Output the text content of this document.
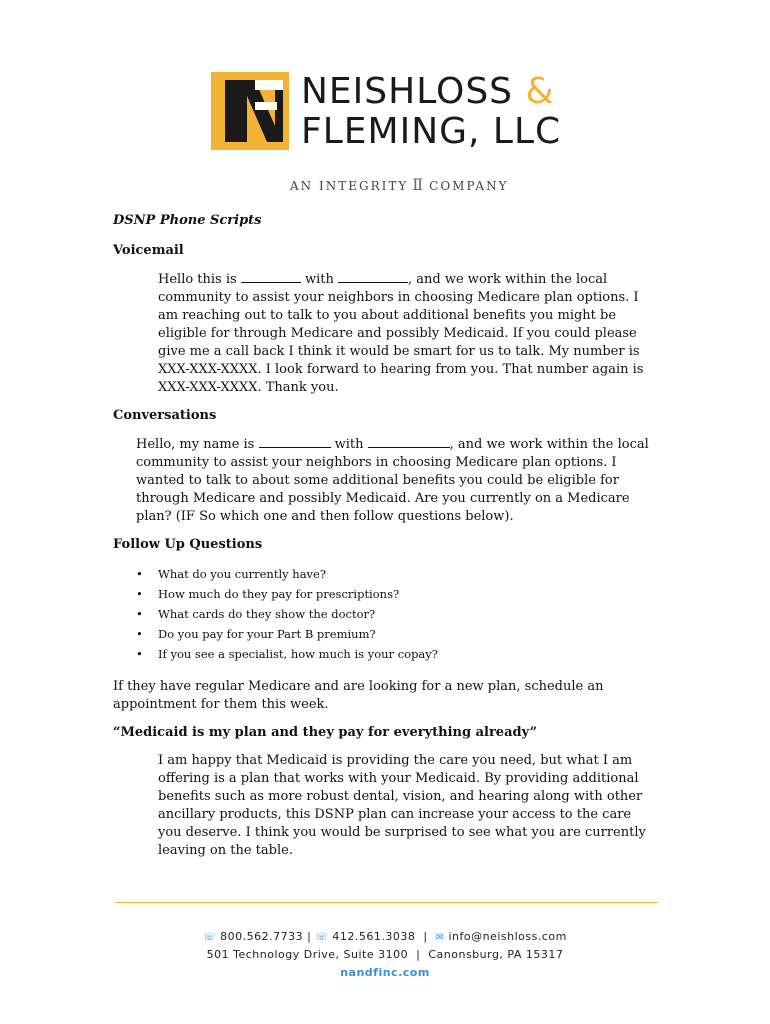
NEISHLOSS &
FLEMING, LLC
AN INTEGRITY Ⅱ COMPANY
DSNP Phone Scripts
Voicemail
Hello this is	with	, and we work within the local community to assist your neighbors in choosing Medicare plan options. I am reaching out to talk to you about additional benefits you might be eligible for through Medicare and possibly Medicaid. If you could please give me a call back I think it would be smart for us to talk. My number is XXX-XXX-XXXX. I look forward to hearing from you. That number again is XXX-XXX-XXXX. Thank you.
Conversations
Hello, my name is	with	, and we work within the local community to assist your neighbors in choosing Medicare plan options. I wanted to talk to about some additional benefits you could be eligible for through Medicare and possibly Medicaid. Are you currently on a Medicare plan? (IF So which one and then follow questions below).
Follow Up Questions
• What do you currently have?
• How much do they pay for prescriptions?
• What cards do they show the doctor?
• Do you pay for your Part B premium?
• If you see a specialist, how much is your copay?
If they have regular Medicare and are looking for a new plan, schedule an appointment for them this week.
“Medicaid is my plan and they pay for everything already”
I am happy that Medicaid is providing the care you need, but what I am offering is a plan that works with your Medicaid. By providing additional benefits such as more robust dental, vision, and hearing along with other ancillary products, this DSNP plan can increase your access to the care you deserve. I think you would be surprised to see what you are currently leaving on the table.
☏ 800.562.7733 | ☏ 412.561.3038  |  ✉ info@neishloss.com
501 Technology Drive, Suite 3100  |  Canonsburg, PA 15317
nandfinc.com
